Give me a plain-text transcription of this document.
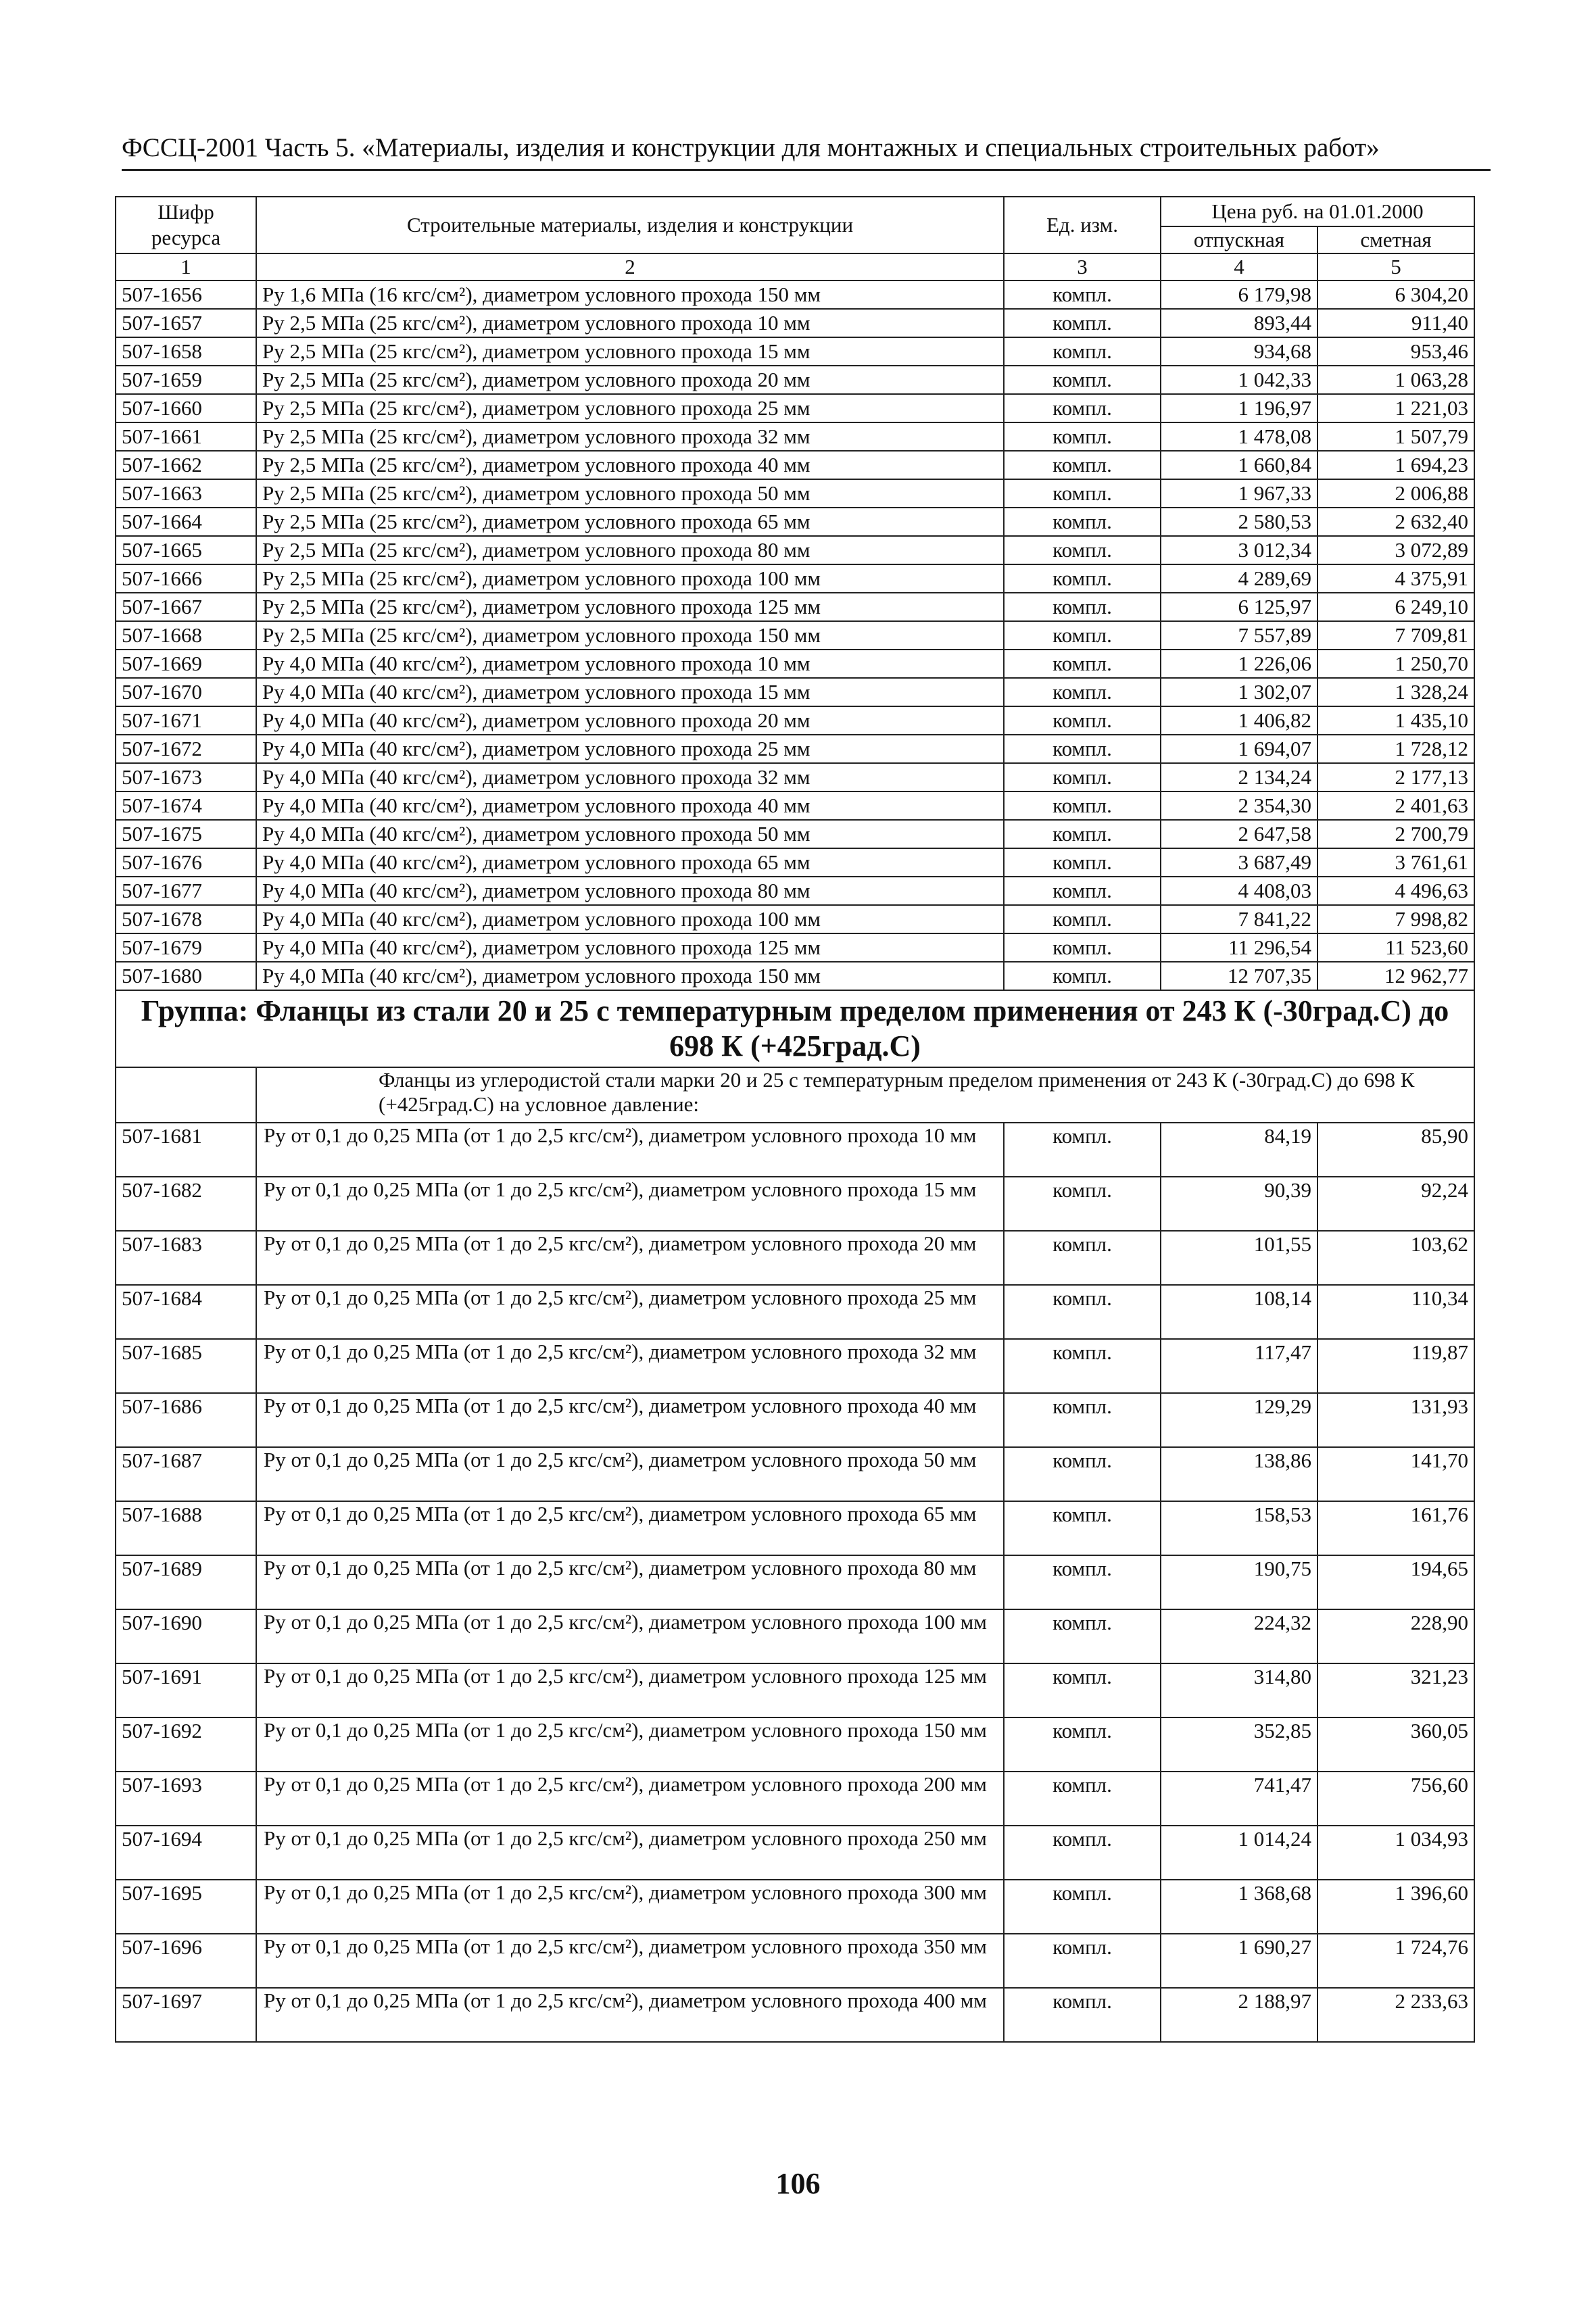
ФССЦ-2001 Часть 5. «Материалы, изделия и конструкции для монтажных и специальных строительных работ»
Шифр ресурса	Строительные материалы, изделия и конструкции	Ед. изм.	Цена руб. на 01.01.2000	
			отпускная	сметная
1	2	3	4	5
507-1656	Ру 1,6 МПа (16 кгс/см²), диаметром условного прохода 150 мм	компл.	6 179,98	6 304,20
507-1657	Ру 2,5 МПа (25 кгс/см²), диаметром условного прохода 10 мм	компл.	893,44	911,40
507-1658	Ру 2,5 МПа (25 кгс/см²), диаметром условного прохода 15 мм	компл.	934,68	953,46
507-1659	Ру 2,5 МПа (25 кгс/см²), диаметром условного прохода 20 мм	компл.	1 042,33	1 063,28
507-1660	Ру 2,5 МПа (25 кгс/см²), диаметром условного прохода 25 мм	компл.	1 196,97	1 221,03
507-1661	Ру 2,5 МПа (25 кгс/см²), диаметром условного прохода 32 мм	компл.	1 478,08	1 507,79
507-1662	Ру 2,5 МПа (25 кгс/см²), диаметром условного прохода 40 мм	компл.	1 660,84	1 694,23
507-1663	Ру 2,5 МПа (25 кгс/см²), диаметром условного прохода 50 мм	компл.	1 967,33	2 006,88
507-1664	Ру 2,5 МПа (25 кгс/см²), диаметром условного прохода 65 мм	компл.	2 580,53	2 632,40
507-1665	Ру 2,5 МПа (25 кгс/см²), диаметром условного прохода 80 мм	компл.	3 012,34	3 072,89
507-1666	Ру 2,5 МПа (25 кгс/см²), диаметром условного прохода 100 мм	компл.	4 289,69	4 375,91
507-1667	Ру 2,5 МПа (25 кгс/см²), диаметром условного прохода 125 мм	компл.	6 125,97	6 249,10
507-1668	Ру 2,5 МПа (25 кгс/см²), диаметром условного прохода 150 мм	компл.	7 557,89	7 709,81
507-1669	Ру 4,0 МПа (40 кгс/см²), диаметром условного прохода 10 мм	компл.	1 226,06	1 250,70
507-1670	Ру 4,0 МПа (40 кгс/см²), диаметром условного прохода 15 мм	компл.	1 302,07	1 328,24
507-1671	Ру 4,0 МПа (40 кгс/см²), диаметром условного прохода 20 мм	компл.	1 406,82	1 435,10
507-1672	Ру 4,0 МПа (40 кгс/см²), диаметром условного прохода 25 мм	компл.	1 694,07	1 728,12
507-1673	Ру 4,0 МПа (40 кгс/см²), диаметром условного прохода 32 мм	компл.	2 134,24	2 177,13
507-1674	Ру 4,0 МПа (40 кгс/см²), диаметром условного прохода 40 мм	компл.	2 354,30	2 401,63
507-1675	Ру 4,0 МПа (40 кгс/см²), диаметром условного прохода 50 мм	компл.	2 647,58	2 700,79
507-1676	Ру 4,0 МПа (40 кгс/см²), диаметром условного прохода 65 мм	компл.	3 687,49	3 761,61
507-1677	Ру 4,0 МПа (40 кгс/см²), диаметром условного прохода 80 мм	компл.	4 408,03	4 496,63
507-1678	Ру 4,0 МПа (40 кгс/см²), диаметром условного прохода 100 мм	компл.	7 841,22	7 998,82
507-1679	Ру 4,0 МПа (40 кгс/см²), диаметром условного прохода 125 мм	компл.	11 296,54	11 523,60
507-1680	Ру 4,0 МПа (40 кгс/см²), диаметром условного прохода 150 мм	компл.	12 707,35	12 962,77
Группа: Фланцы из стали 20 и 25 с температурным пределом применения от 243 К (-30град.С) до 698 К (+425град.С)				
	Фланцы из углеродистой стали марки 20 и 25 с температурным пределом применения от 243 К (-30град.С) до 698 К (+425град.С) на условное давление:			
507-1681	Ру от 0,1 до 0,25 МПа (от 1 до 2,5 кгс/см²), диаметром условного прохода 10 мм	компл.	84,19	85,90
507-1682	Ру от 0,1 до 0,25 МПа (от 1 до 2,5 кгс/см²), диаметром условного прохода 15 мм	компл.	90,39	92,24
507-1683	Ру от 0,1 до 0,25 МПа (от 1 до 2,5 кгс/см²), диаметром условного прохода 20 мм	компл.	101,55	103,62
507-1684	Ру от 0,1 до 0,25 МПа (от 1 до 2,5 кгс/см²), диаметром условного прохода 25 мм	компл.	108,14	110,34
507-1685	Ру от 0,1 до 0,25 МПа (от 1 до 2,5 кгс/см²), диаметром условного прохода 32 мм	компл.	117,47	119,87
507-1686	Ру от 0,1 до 0,25 МПа (от 1 до 2,5 кгс/см²), диаметром условного прохода 40 мм	компл.	129,29	131,93
507-1687	Ру от 0,1 до 0,25 МПа (от 1 до 2,5 кгс/см²), диаметром условного прохода 50 мм	компл.	138,86	141,70
507-1688	Ру от 0,1 до 0,25 МПа (от 1 до 2,5 кгс/см²), диаметром условного прохода 65 мм	компл.	158,53	161,76
507-1689	Ру от 0,1 до 0,25 МПа (от 1 до 2,5 кгс/см²), диаметром условного прохода 80 мм	компл.	190,75	194,65
507-1690	Ру от 0,1 до 0,25 МПа (от 1 до 2,5 кгс/см²), диаметром условного прохода 100 мм	компл.	224,32	228,90
507-1691	Ру от 0,1 до 0,25 МПа (от 1 до 2,5 кгс/см²), диаметром условного прохода 125 мм	компл.	314,80	321,23
507-1692	Ру от 0,1 до 0,25 МПа (от 1 до 2,5 кгс/см²), диаметром условного прохода 150 мм	компл.	352,85	360,05
507-1693	Ру от 0,1 до 0,25 МПа (от 1 до 2,5 кгс/см²), диаметром условного прохода 200 мм	компл.	741,47	756,60
507-1694	Ру от 0,1 до 0,25 МПа (от 1 до 2,5 кгс/см²), диаметром условного прохода 250 мм	компл.	1 014,24	1 034,93
507-1695	Ру от 0,1 до 0,25 МПа (от 1 до 2,5 кгс/см²), диаметром условного прохода 300 мм	компл.	1 368,68	1 396,60
507-1696	Ру от 0,1 до 0,25 МПа (от 1 до 2,5 кгс/см²), диаметром условного прохода 350 мм	компл.	1 690,27	1 724,76
507-1697	Ру от 0,1 до 0,25 МПа (от 1 до 2,5 кгс/см²), диаметром условного прохода 400 мм	компл.	2 188,97	2 233,63
106
